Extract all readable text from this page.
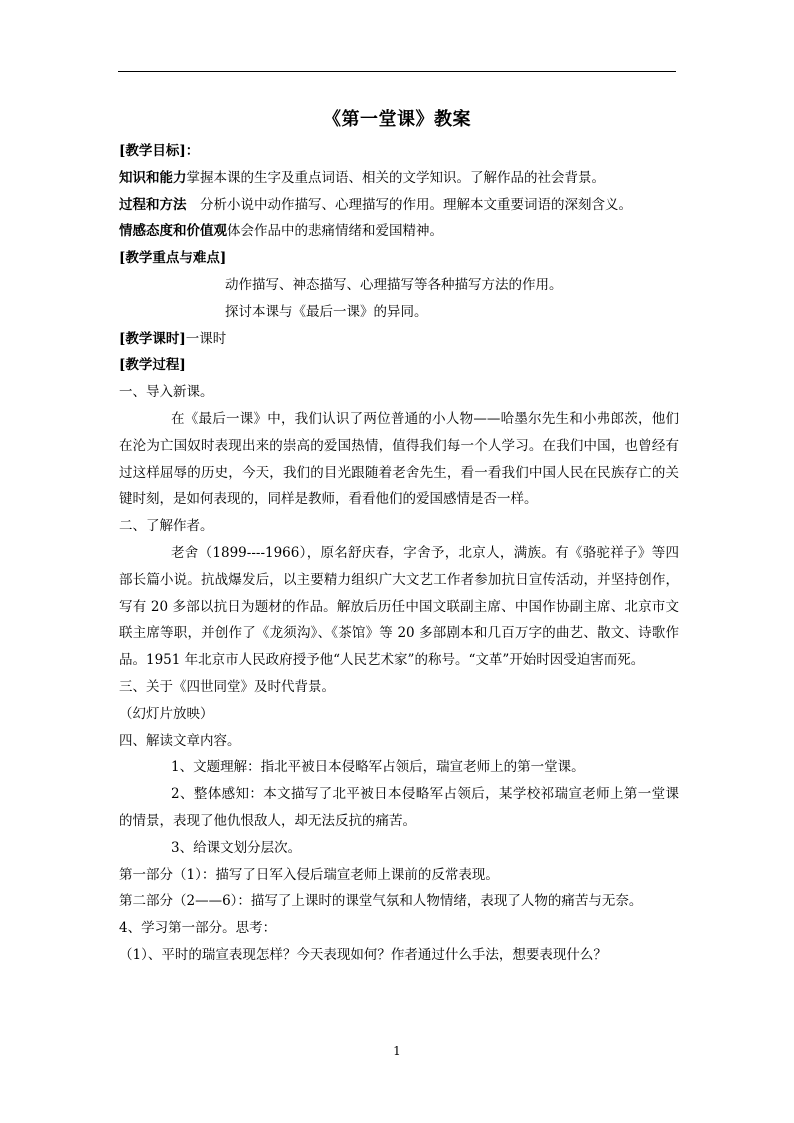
《第一堂课》教案
[教学目标]：
知识和能力掌握本课的生字及重点词语、相关的文学知识。了解作品的社会背景。
过程和方法　分析小说中动作描写、心理描写的作用。理解本文重要词语的深刻含义。
情感态度和价值观体会作品中的悲痛情绪和爱国精神。
[教学重点与难点]
动作描写、神态描写、心理描写等各种描写方法的作用。
探讨本课与《最后一课》的异同。
[教学课时]一课时
[教学过程]
一、导入新课。
在《最后一课》中，我们认识了两位普通的小人物——哈墨尔先生和小弗郎茨，他们在沦为亡国奴时表现出来的崇高的爱国热情，值得我们每一个人学习。在我们中国，也曾经有过这样屈辱的历史，今天，我们的目光跟随着老舍先生，看一看我们中国人民在民族存亡的关键时刻，是如何表现的，同样是教师，看看他们的爱国感情是否一样。
二、了解作者。
老舍（1899----1966），原名舒庆春，字舍予，北京人，满族。有《骆驼祥子》等四部长篇小说。抗战爆发后，以主要精力组织广大文艺工作者参加抗日宣传活动，并坚持创作，写有 20 多部以抗日为题材的作品。解放后历任中国文联副主席、中国作协副主席、北京市文联主席等职，并创作了《龙须沟》、《茶馆》等 20 多部剧本和几百万字的曲艺、散文、诗歌作品。1951 年北京市人民政府授予他“人民艺术家”的称号。“文革”开始时因受迫害而死。
三、关于《四世同堂》及时代背景。
（幻灯片放映）
四、解读文章内容。
1、文题理解：指北平被日本侵略军占领后，瑞宣老师上的第一堂课。
2、整体感知：本文描写了北平被日本侵略军占领后，某学校祁瑞宣老师上第一堂课的情景，表现了他仇恨敌人，却无法反抗的痛苦。
3、给课文划分层次。
第一部分（1）：描写了日军入侵后瑞宣老师上课前的反常表现。
第二部分（2——6）：描写了上课时的课堂气氛和人物情绪，表现了人物的痛苦与无奈。
4、学习第一部分。思考：
（1）、平时的瑞宣表现怎样？今天表现如何？作者通过什么手法，想要表现什么？
1
